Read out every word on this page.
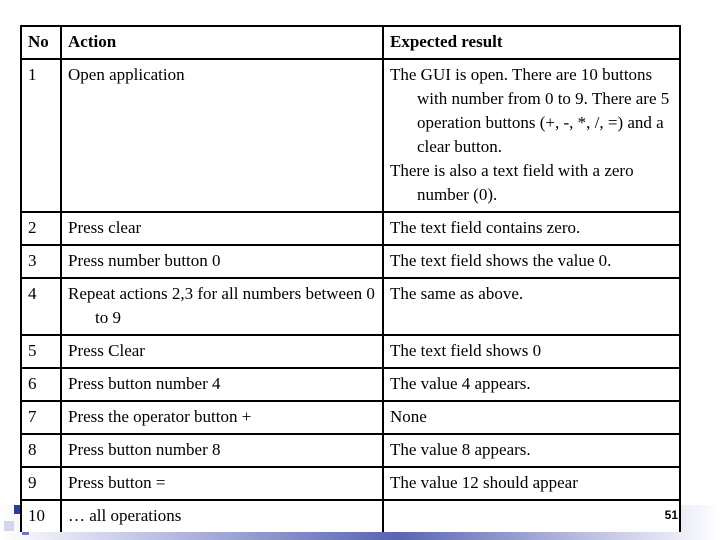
No	Action	Expected result
1	Open application	The GUI is open. There are 10 buttons with number from 0 to 9. There are 5 operation buttons (+, -, *, /, =) and a clear button.
There is also a text field with a zero number (0).

2	Press clear	The text field contains zero.
3	Press number button 0	The text field shows the value 0.
4	Repeat actions 2,3 for all numbers between 0 to 9	The same as above.
5	Press Clear	The text field shows 0
6	Press button number 4	The value 4 appears.
7	Press the operator button +	None
8	Press button number 8	The value 8 appears.
9	Press button =	The value 12 should appear
10	… all operations		51
